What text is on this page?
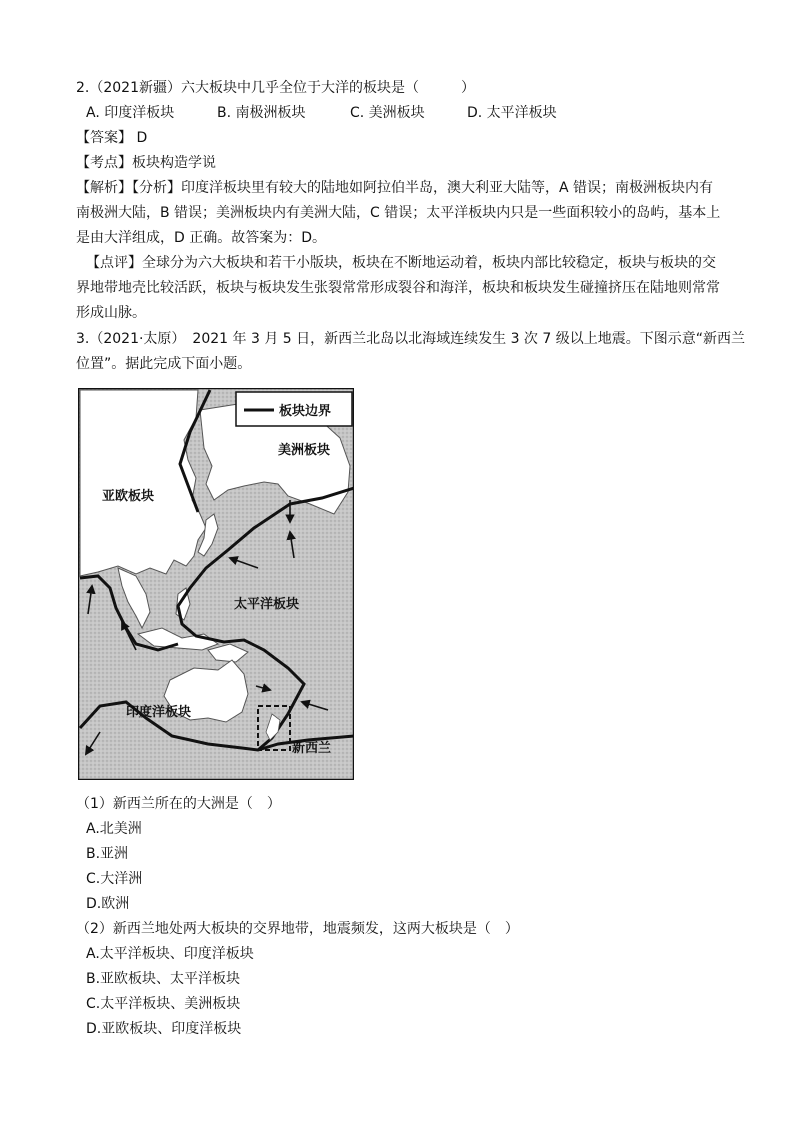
2.（2021新疆）六大板块中几乎全位于大洋的板块是（　　　）
A. 印度洋板块	B. 南极洲板块	C. 美洲板块	D. 太平洋板块
【答案】 D
【考点】板块构造学说
【解析】【分析】印度洋板块里有较大的陆地如阿拉伯半岛，澳大利亚大陆等，A 错误；南极洲板块内有
南极洲大陆，B 错误；美洲板块内有美洲大陆，C 错误；太平洋板块内只是一些面积较小的岛屿，基本上
是由大洋组成，D 正确。故答案为：D。
【点评】全球分为六大板块和若干小版块，板块在不断地运动着，板块内部比较稳定，板块与板块的交
界地带地壳比较活跃，板块与板块发生张裂常常形成裂谷和海洋，板块和板块发生碰撞挤压在陆地则常常
形成山脉。
3.（2021·太原）　2021 年 3 月 5 日，新西兰北岛以北海域连续发生 3 次 7 级以上地震。下图示意“新西兰
位置”。据此完成下面小题。
板块边界
亚欧板块
美洲板块
太平洋板块
印度洋板块
新西兰
（1）新西兰所在的大洲是（　）
A.北美洲
B.亚洲
C.大洋洲
D.欧洲
（2）新西兰地处两大板块的交界地带，地震频发，这两大板块是（　）
A.太平洋板块、印度洋板块
B.亚欧板块、太平洋板块
C.太平洋板块、美洲板块
D.亚欧板块、印度洋板块
